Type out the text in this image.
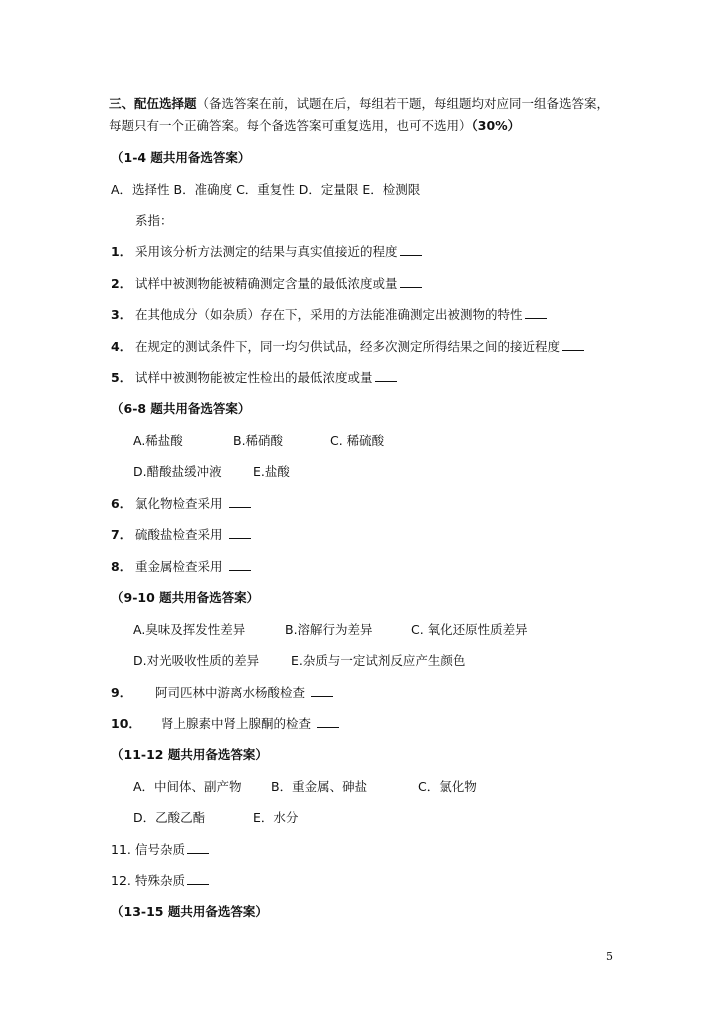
三、配伍选择题（备选答案在前，试题在后，每组若干题，每组题均对应同一组备选答案，

每题只有一个正确答案。每个备选答案可重复选用，也可不选用）（30%）

（1-4 题共用备选答案）
A．选择性 B．准确度 C．重复性 D．定量限 E．检测限
系指：
1． 采用该分析方法测定的结果与真实值接近的程度
2． 试样中被测物能被精确测定含量的最低浓度或量
3． 在其他成分（如杂质）存在下，采用的方法能准确测定出被测物的特性
4． 在规定的测试条件下，同一均匀供试品，经多次测定所得结果之间的接近程度
5． 试样中被测物能被定性检出的最低浓度或量
（6-8 题共用备选答案）
A.稀盐酸	B.稀硝酸	C. 稀硫酸
D.醋酸盐缓冲液	E.盐酸
6． 氯化物检查采用
7． 硫酸盐检查采用
8． 重金属检查采用
（9-10 题共用备选答案）
A.臭味及挥发性差异	B.溶解行为差异	C. 氧化还原性质差异
D.对光吸收性质的差异	E.杂质与一定试剂反应产生颜色
9． 阿司匹林中游离水杨酸检查
10． 肾上腺素中肾上腺酮的检查
（11-12 题共用备选答案）
A．中间体、副产物 B．重金属、砷盐	C．氯化物
D．乙酸乙酯	E．水分
11. 信号杂质
12. 特殊杂质
（13-15 题共用备选答案）
5
